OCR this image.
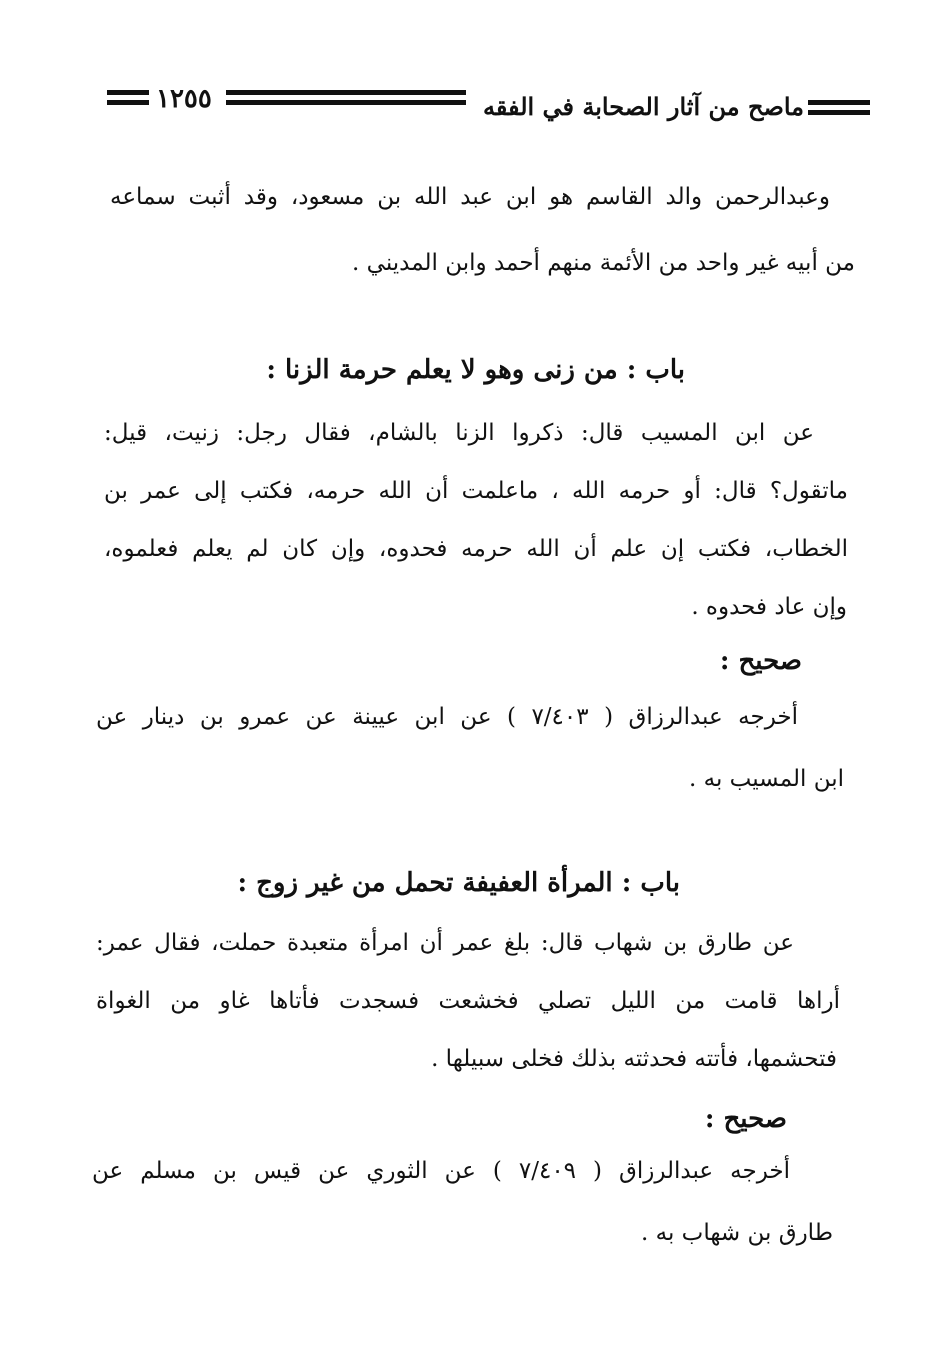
١٢٥٥	ماصح من آثار الصحابة في الفقه
وعبدالرحمن والد القاسم هو ابن عبد الله بن مسعود، وقد أثبت سماعه
من أبيه غير واحد من الأئمة منهم أحمد وابن المديني .
باب : من زنى وهو لا يعلم حرمة الزنا :
عن ابن المسيب قال: ذكروا الزنا بالشام، فقال رجل: زنيت، قيل:
ماتقول؟ قال: أو حرمه الله ، ماعلمت أن الله حرمه، فكتب إلى عمر بن
الخطاب، فكتب إن علم أن الله حرمه فحدوه، وإن كان لم يعلم فعلموه،
وإن عاد فحدوه .
صحيح :
أخرجه عبدالرزاق ( ٧/٤٠٣ ) عن ابن عيينة عن عمرو بن دينار عن
ابن المسيب به .
باب : المرأة العفيفة تحمل من غير زوج :
عن طارق بن شهاب قال: بلغ عمر أن امرأة متعبدة حملت، فقال عمر:
أراها قامت من الليل تصلي فخشعت فسجدت فأتاها غاو من الغواة
فتحشمها، فأتته فحدثته بذلك فخلى سبيلها .
صحيح :
أخرجه عبدالرزاق ( ٧/٤٠٩ ) عن الثوري عن قيس بن مسلم عن
طارق بن شهاب به .
